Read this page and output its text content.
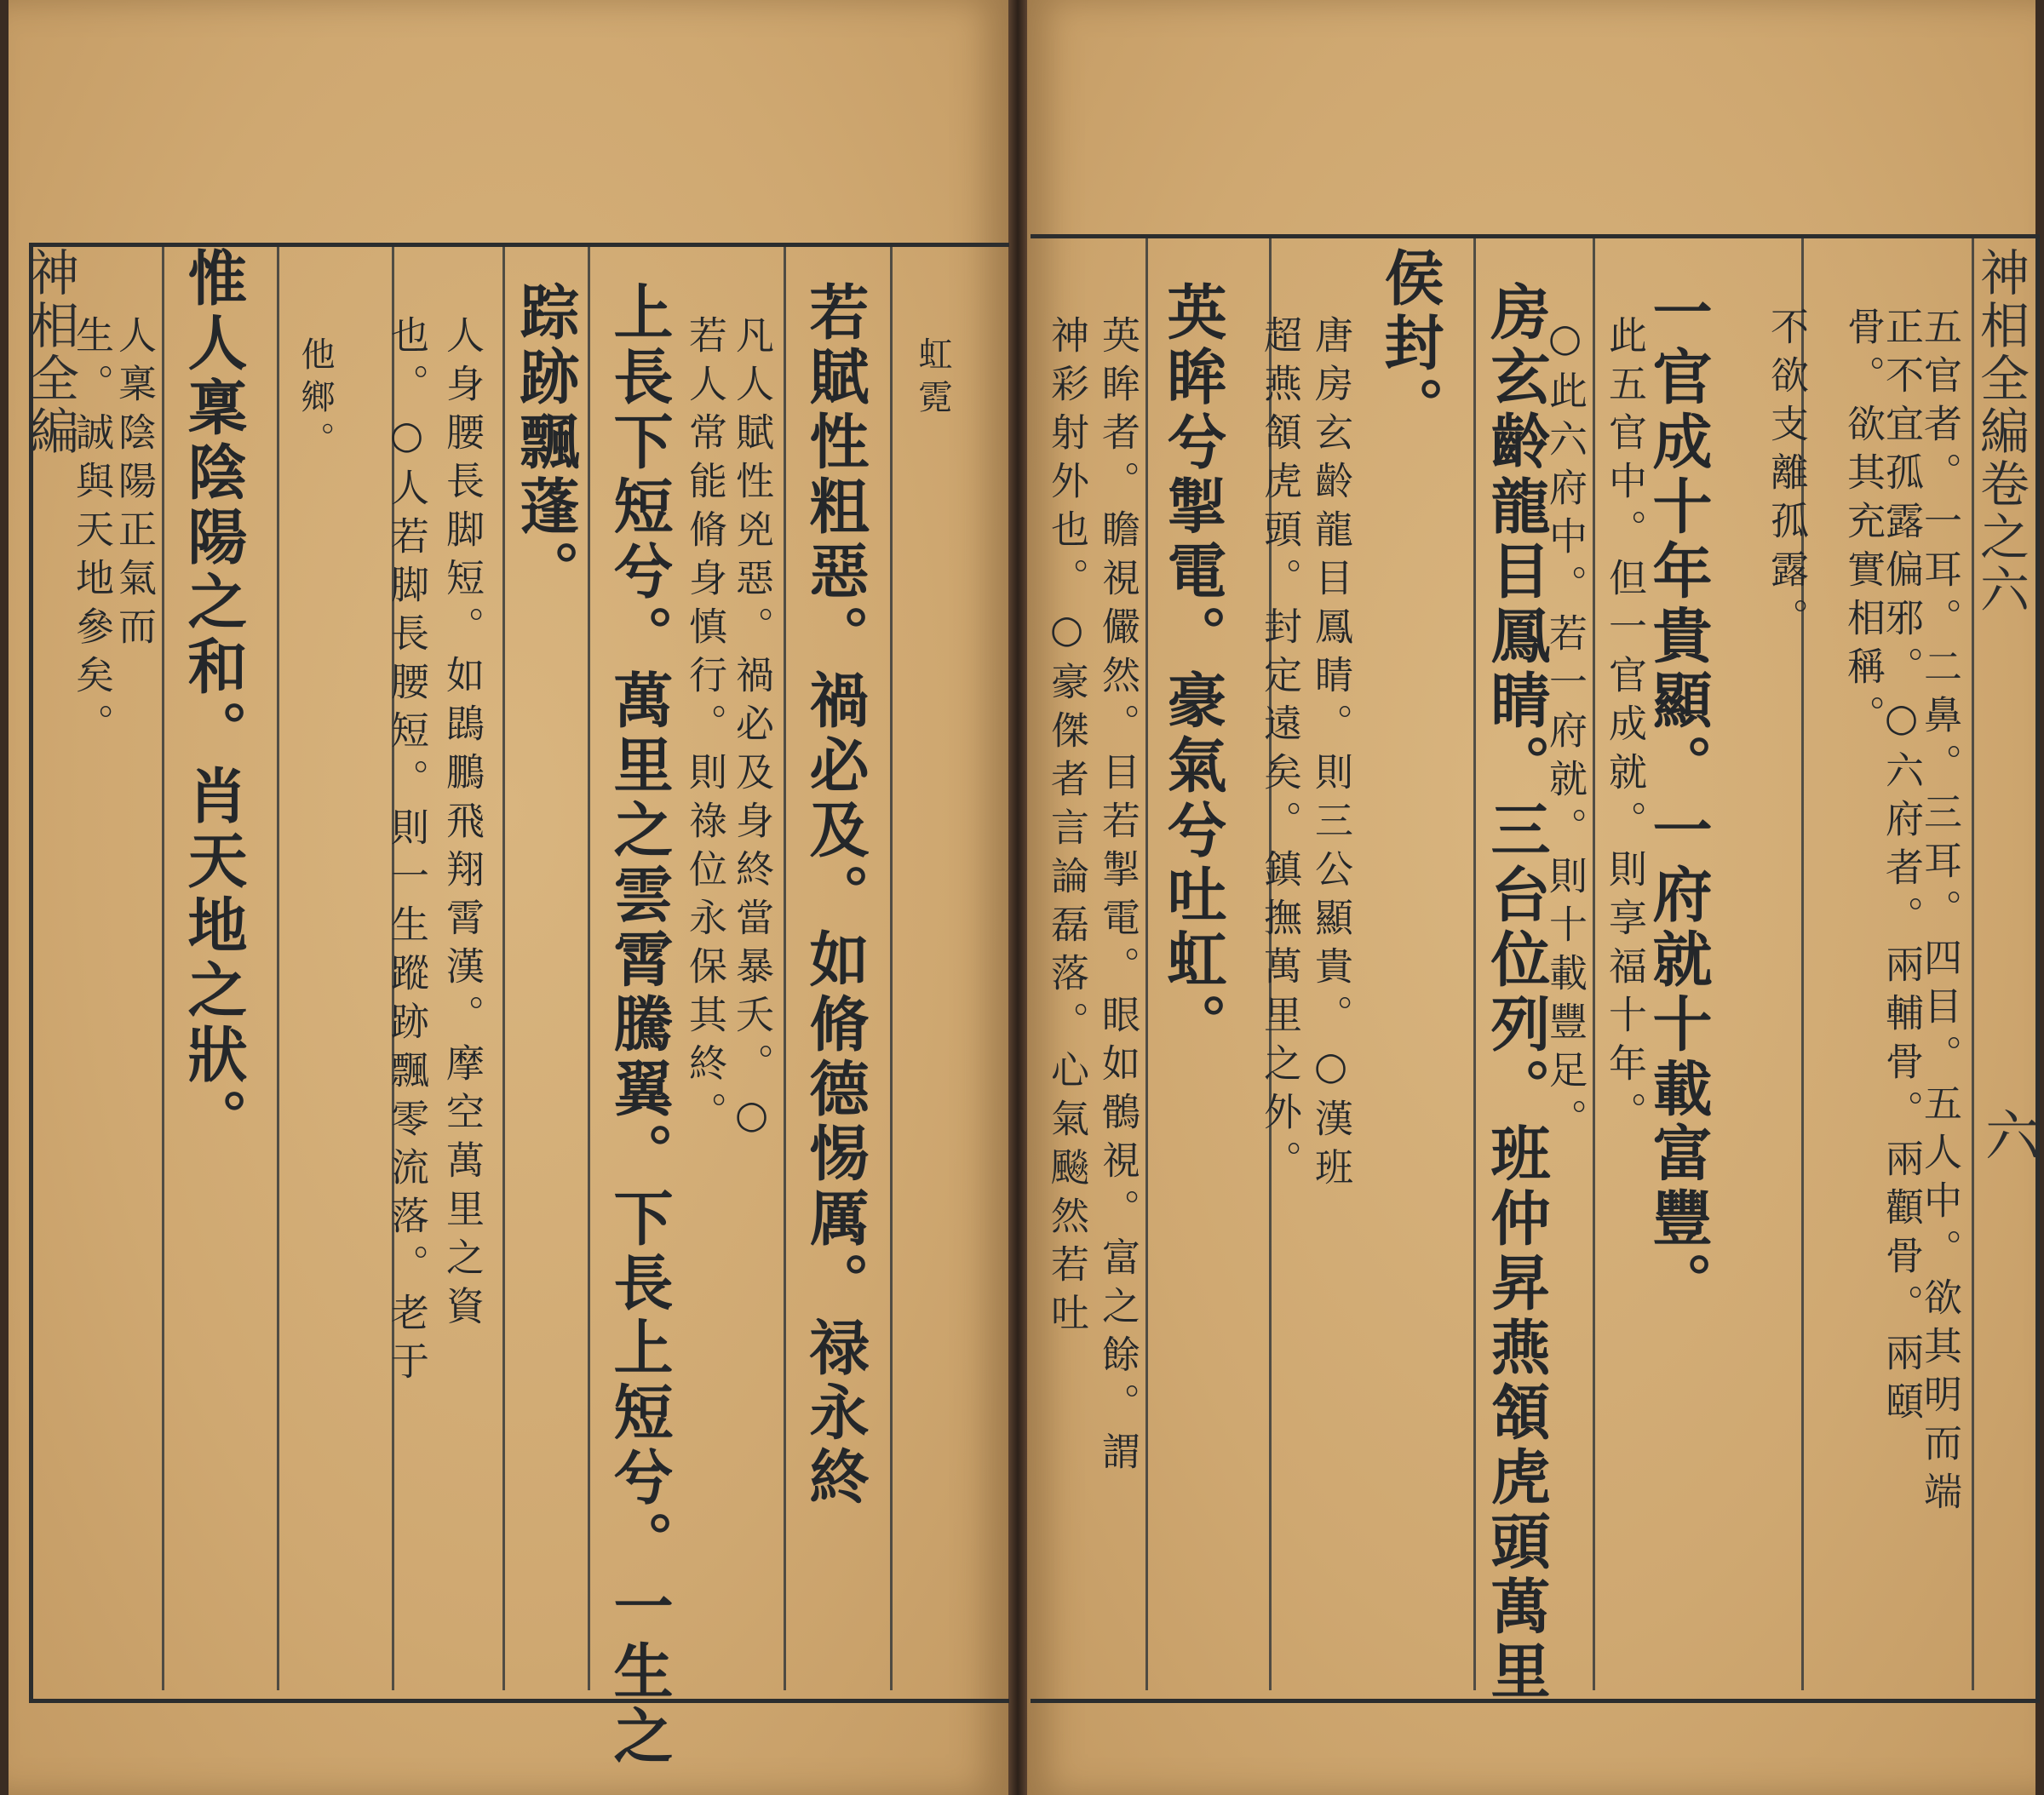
若賦性粗惡。禍必及。如脩德惕厲。禄永終
凡人賦性兇惡。禍必及身終當暴夭。○
若人常能脩身慎行。則祿位永保其終。
上長下短兮。萬里之雲霄騰翼。下長上短兮。一生之
踪跡飄蓬。
人身腰長脚短。如鵾鵬飛翔霄漢。摩空萬里之資
也。○人若脚長腰短。則一生蹤跡飄零流落。老于	虹霓
他鄉。
惟人稟陰陽之和。肖天地之狀。
人稟陰陽正氣而
生。誠與天地參矣。
神相全編	不欲支離孤露。 骨。欲其充實相稱。
正不宜孤露偏邪。○六府者。兩輔骨。兩顴骨。兩頤
五官者。一耳。二鼻。三耳。四目。五人中。欲其明而端
一官成十年貴顯。一府就十載富豐。
此五官中。但一官成就。則享福十年。
○此六府中。若一府就。則十載豐足。
房玄齡龍目鳳睛。三台位列。班仲昇燕頷虎頭萬里
侯封。
唐房玄齡龍目鳳睛。則三公顯貴。○漢班
超燕頷虎頭。封定遠矣。鎮撫萬里之外。
英眸兮掣電。豪氣兮吐虹。
英眸者。瞻視儼然。目若掣電。眼如鶻視。富之餘。謂
神彩射外也。○豪傑者言論磊落。心氣飈然若吐	神相全編卷之六
六
